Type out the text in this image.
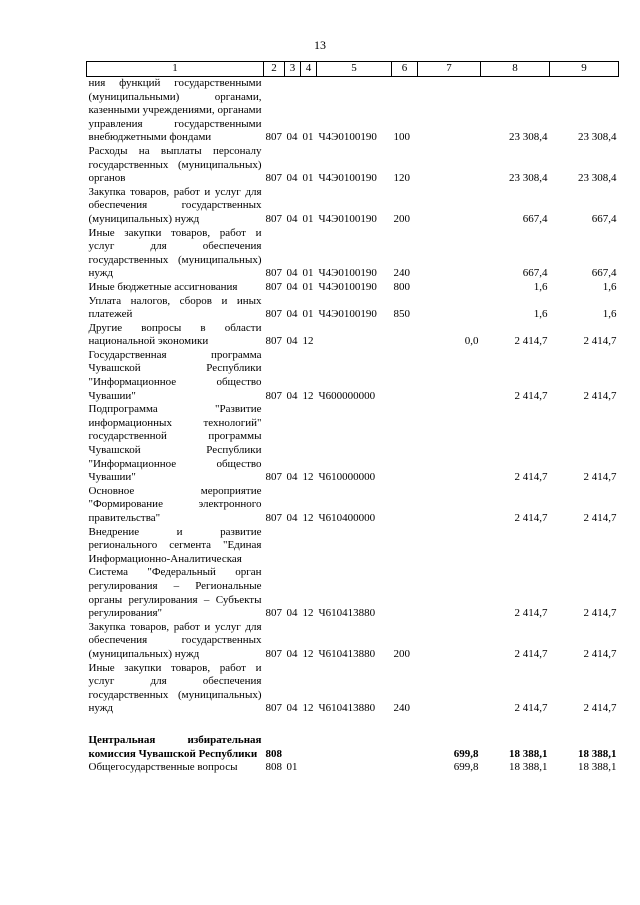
13
1	2	3	4	5	6	7	8	9
ния функций государственными (муниципальными) органами, казенными учреждениями, органами управления государственными внебюджетными фондами	807	04	01	Ч4Э0100190	100		23 308,4	23 308,4
Расходы на выплаты персоналу государственных (муниципальных) органов	807	04	01	Ч4Э0100190	120		23 308,4	23 308,4
Закупка товаров, работ и услуг для обеспечения государственных (муниципальных) нужд	807	04	01	Ч4Э0100190	200		667,4	667,4
Иные закупки товаров, работ и услуг для обеспечения государственных (муниципальных) нужд	807	04	01	Ч4Э0100190	240		667,4	667,4
Иные бюджетные ассигнования	807	04	01	Ч4Э0100190	800		1,6	1,6
Уплата налогов, сборов и иных платежей	807	04	01	Ч4Э0100190	850		1,6	1,6
Другие вопросы в области национальной экономики	807	04	12			0,0	2 414,7	2 414,7
Государственная программа Чувашской Республики "Информационное общество Чувашии"	807	04	12	Ч600000000			2 414,7	2 414,7
Подпрограмма "Развитие информационных технологий" государственной программы Чувашской Республики "Информационное общество Чувашии"	807	04	12	Ч610000000			2 414,7	2 414,7
Основное мероприятие "Формирование электронного правительства"	807	04	12	Ч610400000			2 414,7	2 414,7
Внедрение и развитие регионального сегмента "Единая Информационно-Аналитическая Система "Федеральный орган регулирования – Региональные органы регулирования – Субъекты регулирования"	807	04	12	Ч610413880			2 414,7	2 414,7
Закупка товаров, работ и услуг для обеспечения государственных (муниципальных) нужд	807	04	12	Ч610413880	200		2 414,7	2 414,7
Иные закупки товаров, работ и услуг для обеспечения государственных (муниципальных) нужд	807	04	12	Ч610413880	240		2 414,7	2 414,7

Центральная избирательная комиссия Чувашской Республики	808					699,8	18 388,1	18 388,1
Общегосударственные вопросы	808	01				699,8	18 388,1	18 388,1
